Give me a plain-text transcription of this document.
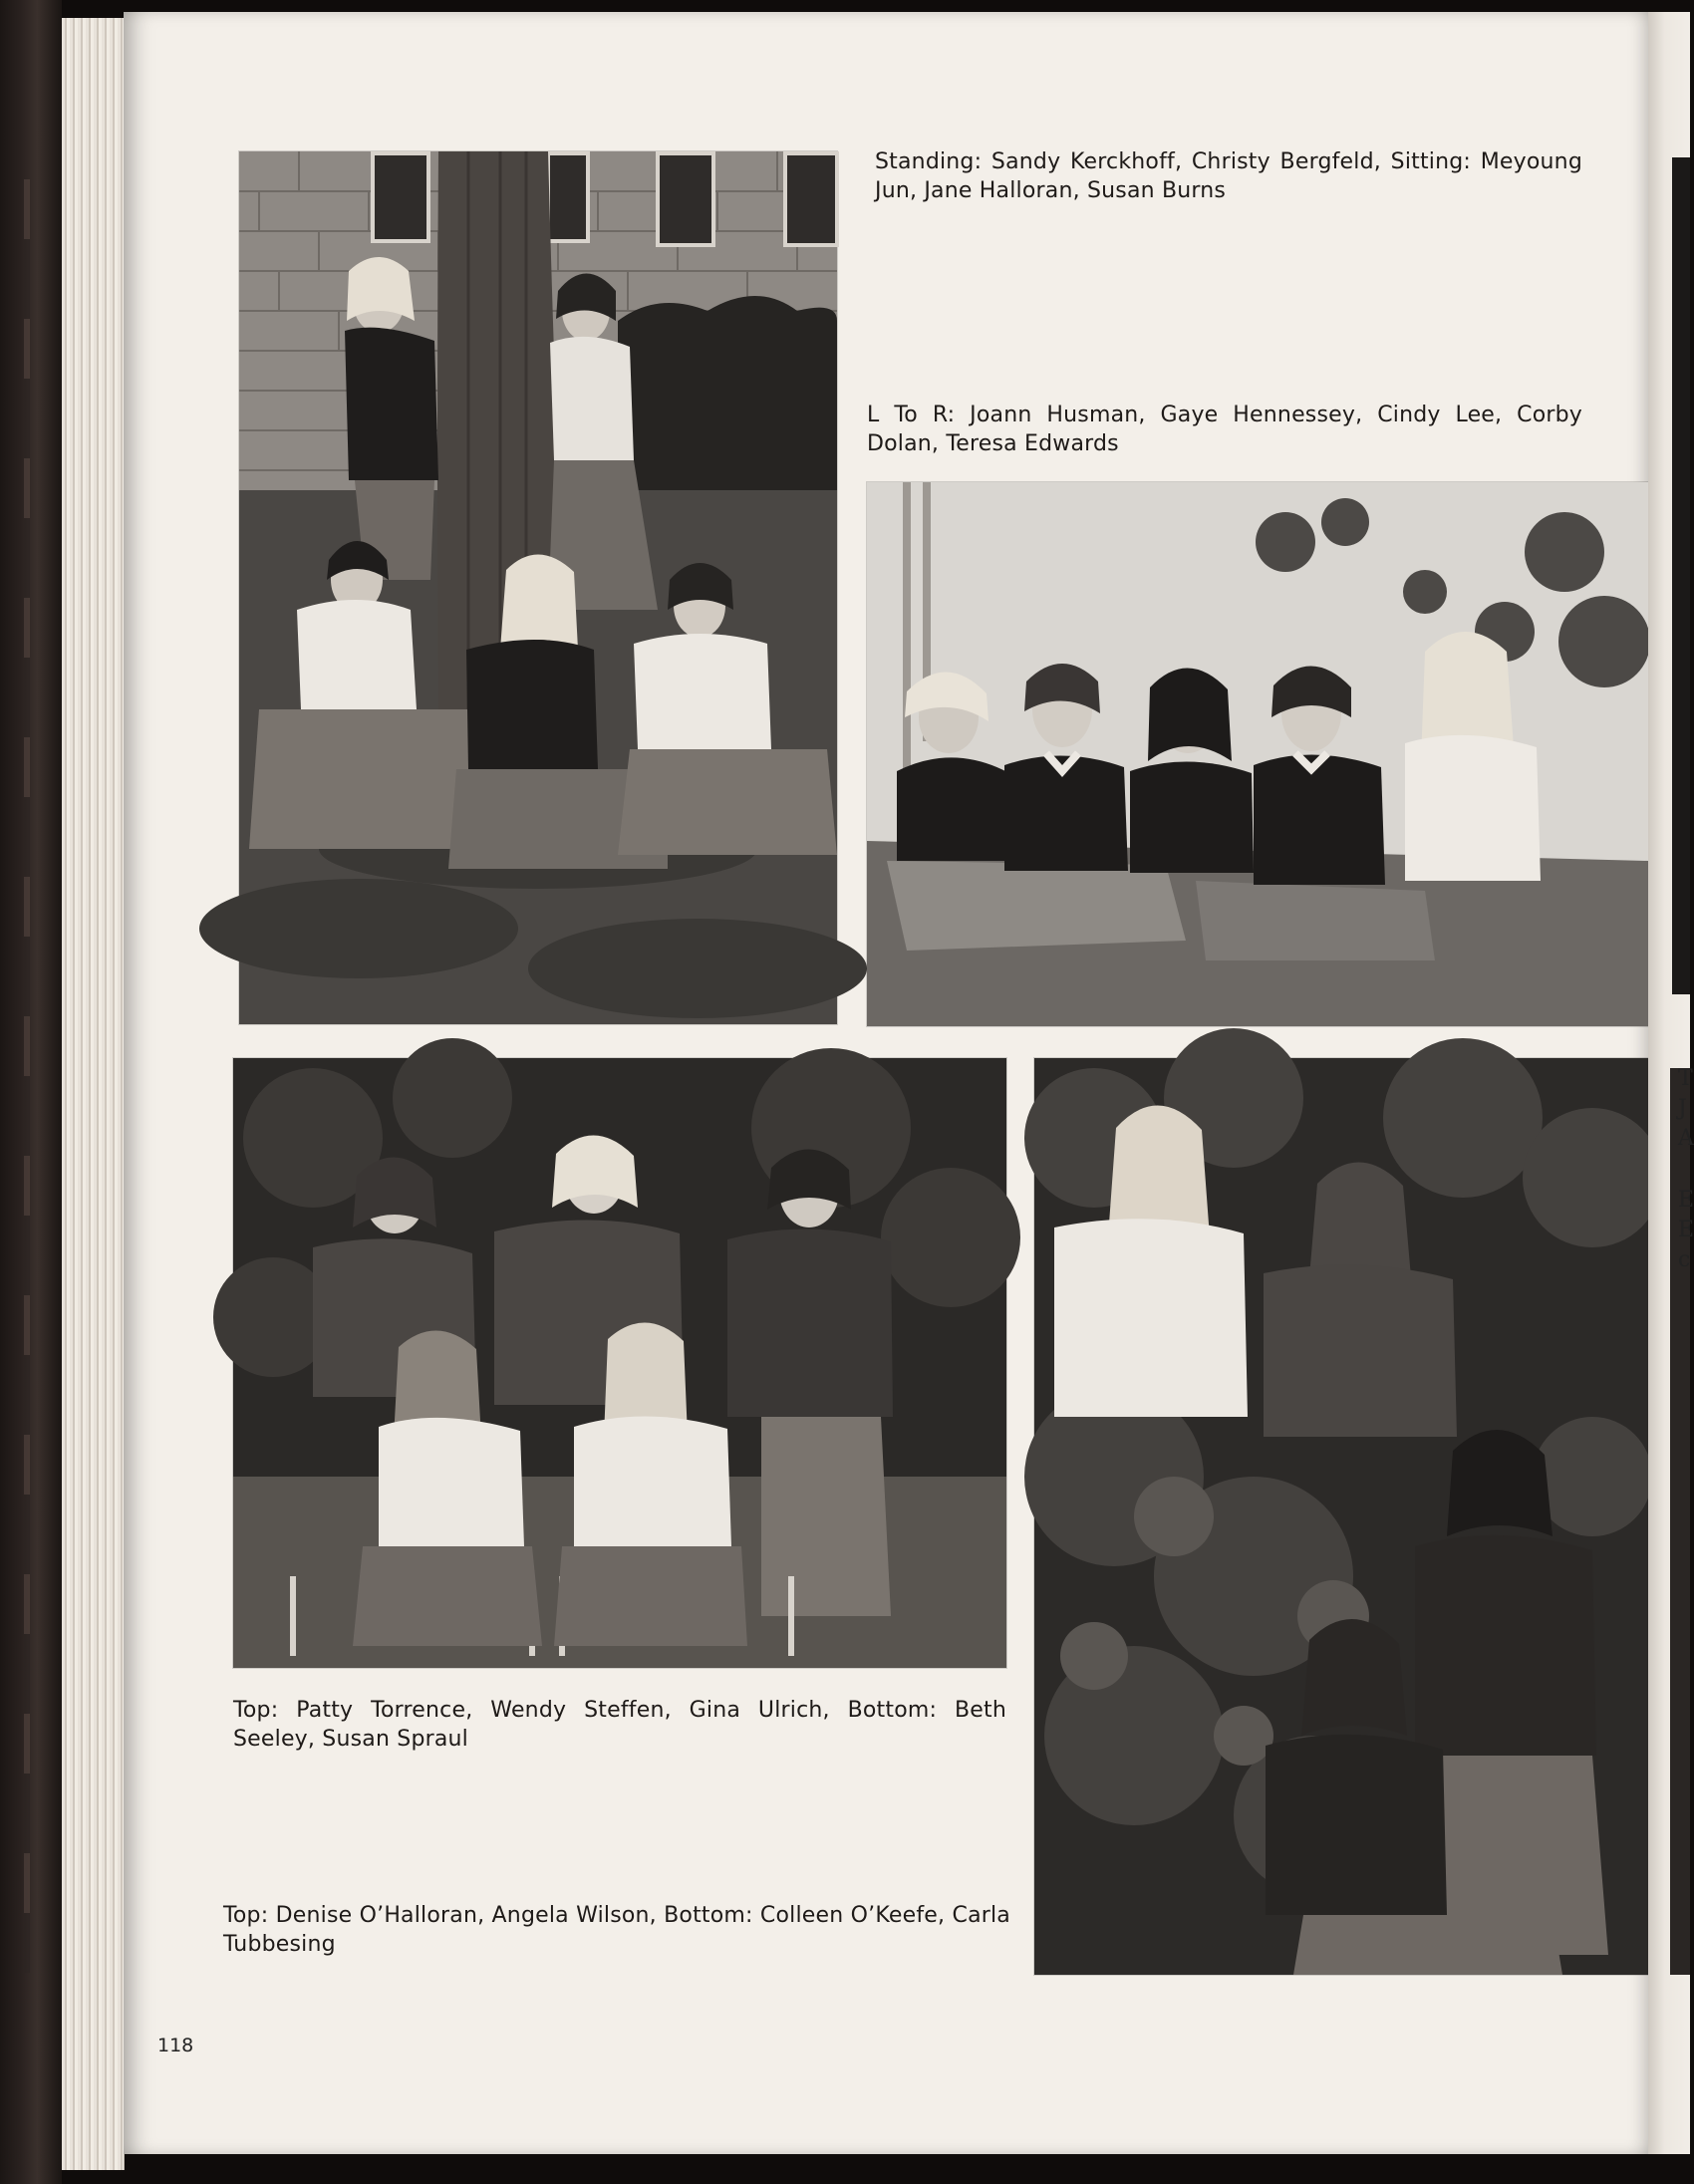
Standing: Sandy Kerckhoff, Christy Bergfeld, Sitting: Meyoung Jun, Jane Halloran, Susan Burns

L To R: Joann Husman, Gaye Hennessey, Cindy Lee, Corby Dolan, Teresa Edwards

Top: Patty Torrence, Wendy Steffen, Gina Ulrich, Bottom: Beth Seeley, Susan Spraul

Top: Denise O’Halloran, Angela Wilson, Bottom: Colleen O’Keefe, Carla Tubbesing

118
T
J
A
E
E
c
